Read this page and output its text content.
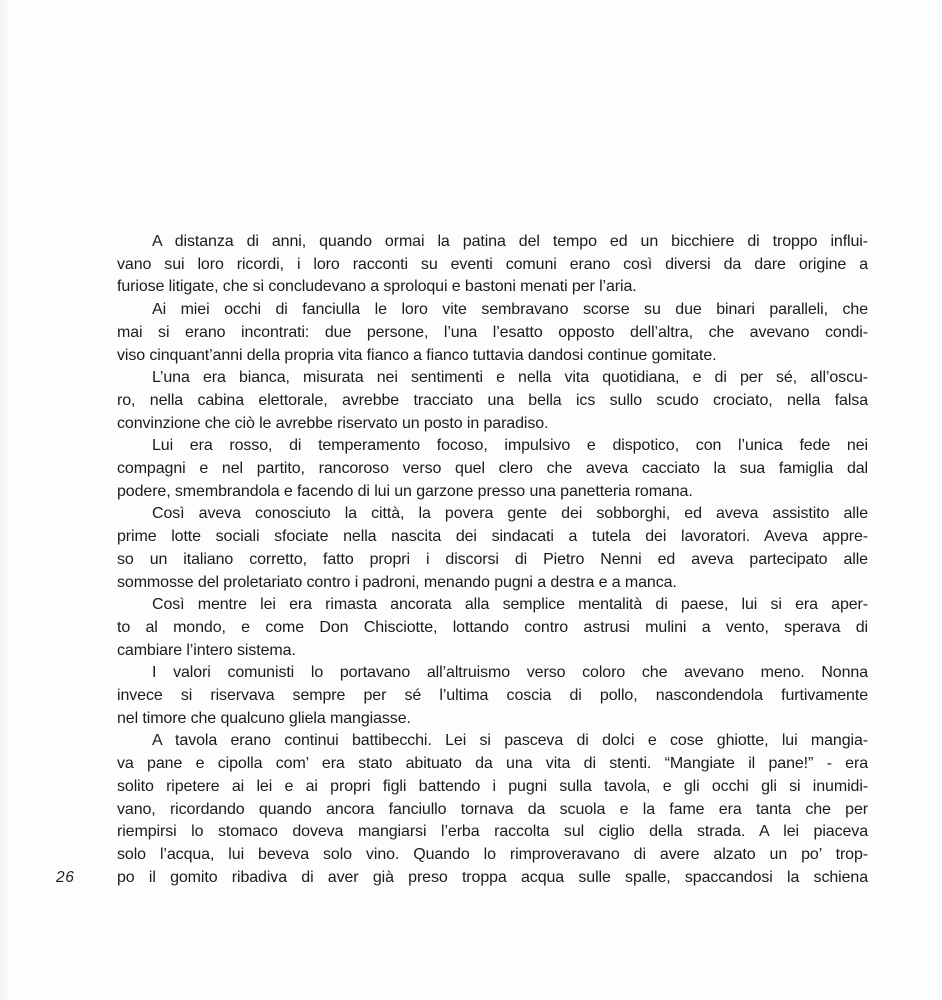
A distanza di anni, quando ormai la patina del tempo ed un bicchiere di troppo influi-
vano sui loro ricordi, i loro racconti su eventi comuni erano così diversi da dare origine a
furiose litigate, che si concludevano a sproloqui e bastoni menati per l’aria.
Ai miei occhi di fanciulla le loro vite sembravano scorse su due binari paralleli, che
mai si erano incontrati: due persone, l’una l’esatto opposto dell’altra, che avevano condi-
viso cinquant’anni della propria vita fianco a fianco tuttavia dandosi continue gomitate.
L’una era bianca, misurata nei sentimenti e nella vita quotidiana, e di per sé, all’oscu-
ro, nella cabina elettorale, avrebbe tracciato una bella ics sullo scudo crociato, nella falsa
convinzione che ciò le avrebbe riservato un posto in paradiso.
Lui era rosso, di temperamento focoso, impulsivo e dispotico, con l’unica fede nei
compagni e nel partito, rancoroso verso quel clero che aveva cacciato la sua famiglia dal
podere, smembrandola e facendo di lui un garzone presso una panetteria romana.
Così aveva conosciuto la città, la povera gente dei sobborghi, ed aveva assistito alle
prime lotte sociali sfociate nella nascita dei sindacati a tutela dei lavoratori. Aveva appre-
so un italiano corretto, fatto propri i discorsi di Pietro Nenni ed aveva partecipato alle
sommosse del proletariato contro i padroni, menando pugni a destra e a manca.
Così mentre lei era rimasta ancorata alla semplice mentalità di paese, lui si era aper-
to al mondo, e come Don Chisciotte, lottando contro astrusi mulini a vento, sperava di
cambiare l’intero sistema.
I valori comunisti lo portavano all’altruismo verso coloro che avevano meno. Nonna
invece si riservava sempre per sé l’ultima coscia di pollo, nascondendola furtivamente
nel timore che qualcuno gliela mangiasse.
A tavola erano continui battibecchi. Lei si pasceva di dolci e cose ghiotte, lui mangia-
va pane e cipolla com’ era stato abituato da una vita di stenti. “Mangiate il pane!” - era
solito ripetere ai lei e ai propri figli battendo i pugni sulla tavola, e gli occhi gli si inumidi-
vano, ricordando quando ancora fanciullo tornava da scuola e la fame era tanta che per
riempirsi lo stomaco doveva mangiarsi l’erba raccolta sul ciglio della strada. A lei piaceva
solo l’acqua, lui beveva solo vino. Quando lo rimproveravano di avere alzato un po’ trop-
po il gomito ribadiva di aver già preso troppa acqua sulle spalle, spaccandosi la schiena
26
